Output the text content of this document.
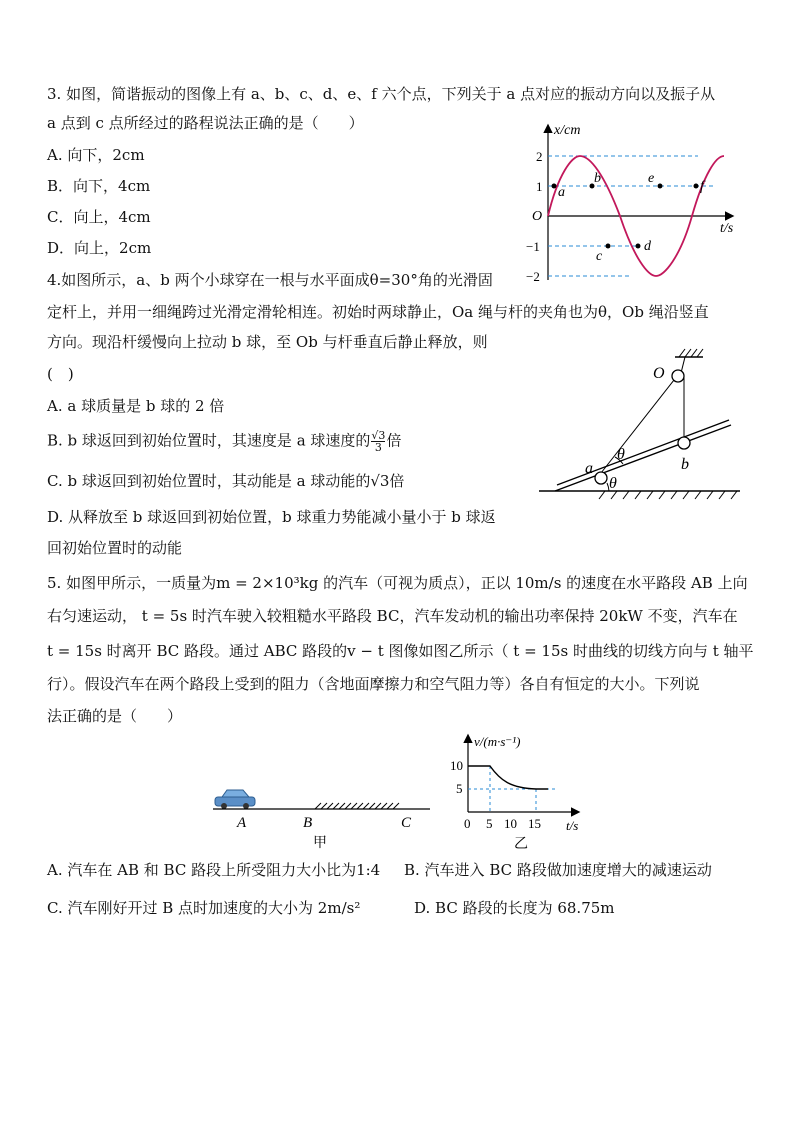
3. 如图，简谐振动的图像上有 a、b、c、d、e、f 六个点，下列关于 a 点对应的振动方向以及振子从
a 点到 c 点所经过的路程说法正确的是（　　）
A. 向下，2cm
B．向下，4cm
C．向上，4cm
D．向上，2cm
x/cm
t/s
O
2
1
−1
−2
a
b
c
d
e
f
4.如图所示，a、b 两个小球穿在一根与水平面成θ=30°角的光滑固
定杆上，并用一细绳跨过光滑定滑轮相连。初始时两球静止，Oa 绳与杆的夹角也为θ，Ob 绳沿竖直
方向。现沿杆缓慢向上拉动 b 球，至 Ob 与杆垂直后静止释放，则
(　)
A. a 球质量是 b 球的 2 倍
B. b 球返回到初始位置时，其速度是 a 球速度的 $\frac{√3}{3}$ 倍
C. b 球返回到初始位置时，其动能是 a 球动能的√3倍
D. 从释放至 b 球返回到初始位置，b 球重力势能减小量小于 b 球返
回初始位置时的动能
O
a	b
θ
θ
5. 如图甲所示，一质量为m = 2×10³kg 的汽车（可视为质点），正以 10m/s 的速度在水平路段 AB 上向
右匀速运动， t = 5s 时汽车驶入较粗糙水平路段 BC，汽车发动机的输出功率保持 20kW 不变，汽车在
t = 15s 时离开 BC 路段。通过 ABC 路段的v − t 图像如图乙所示（ t = 15s 时曲线的切线方向与 t 轴平
行）。假设汽车在两个路段上受到的阻力（含地面摩擦力和空气阻力等）各自有恒定的大小。下列说
法正确的是（　　）
A	B	C
甲
v/(m·s⁻¹)
10
5
0 5 10 15 t/s
乙
A. 汽车在 AB 和 BC 路段上所受阻力大小比为1:4 B. 汽车进入 BC 路段做加速度增大的减速运动
C. 汽车刚好开过 B 点时加速度的大小为 2m/s²	D. BC 路段的长度为 68.75m
